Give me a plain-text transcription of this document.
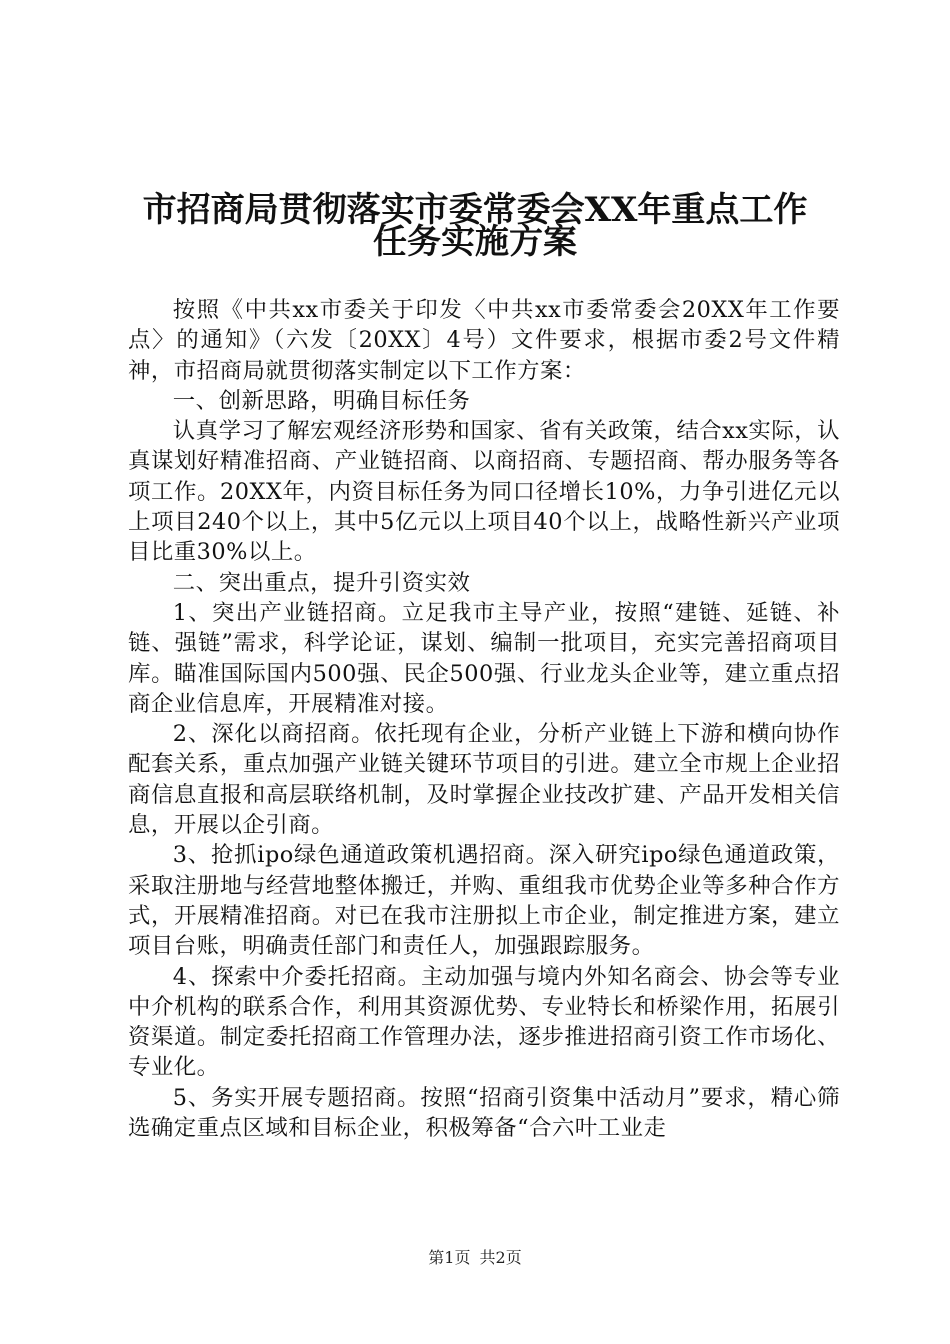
市招商局贯彻落实市委常委会XX年重点工作
任务实施方案

按照《中共xx市委关于印发〈中共xx市委常委会20XX年工作要点〉的通知》（六发〔20XX〕4号）文件要求，根据市委2号文件精神，市招商局就贯彻落实制定以下工作方案：

一、创新思路，明确目标任务

认真学习了解宏观经济形势和国家、省有关政策，结合xx实际，认真谋划好精准招商、产业链招商、以商招商、专题招商、帮办服务等各项工作。20XX年，内资目标任务为同口径增长10%，力争引进亿元以上项目240个以上，其中5亿元以上项目40个以上，战略性新兴产业项目比重30%以上。

二、突出重点，提升引资实效

1、突出产业链招商。立足我市主导产业，按照“建链、延链、补链、强链”需求，科学论证，谋划、编制一批项目，充实完善招商项目库。瞄准国际国内500强、民企500强、行业龙头企业等，建立重点招商企业信息库，开展精准对接。

2、深化以商招商。依托现有企业，分析产业链上下游和横向协作配套关系，重点加强产业链关键环节项目的引进。建立全市规上企业招商信息直报和高层联络机制，及时掌握企业技改扩建、产品开发相关信息，开展以企引商。

3、抢抓ipo绿色通道政策机遇招商。深入研究ipo绿色通道政策，采取注册地与经营地整体搬迁，并购、重组我市优势企业等多种合作方式，开展精准招商。对已在我市注册拟上市企业，制定推进方案，建立项目台账，明确责任部门和责任人，加强跟踪服务。

4、探索中介委托招商。主动加强与境内外知名商会、协会等专业中介机构的联系合作，利用其资源优势、专业特长和桥梁作用，拓展引资渠道。制定委托招商工作管理办法，逐步推进招商引资工作市场化、专业化。

5、务实开展专题招商。按照“招商引资集中活动月”要求，精心筛选确定重点区域和目标企业，积极筹备“合六叶工业走

第1页 共2页
